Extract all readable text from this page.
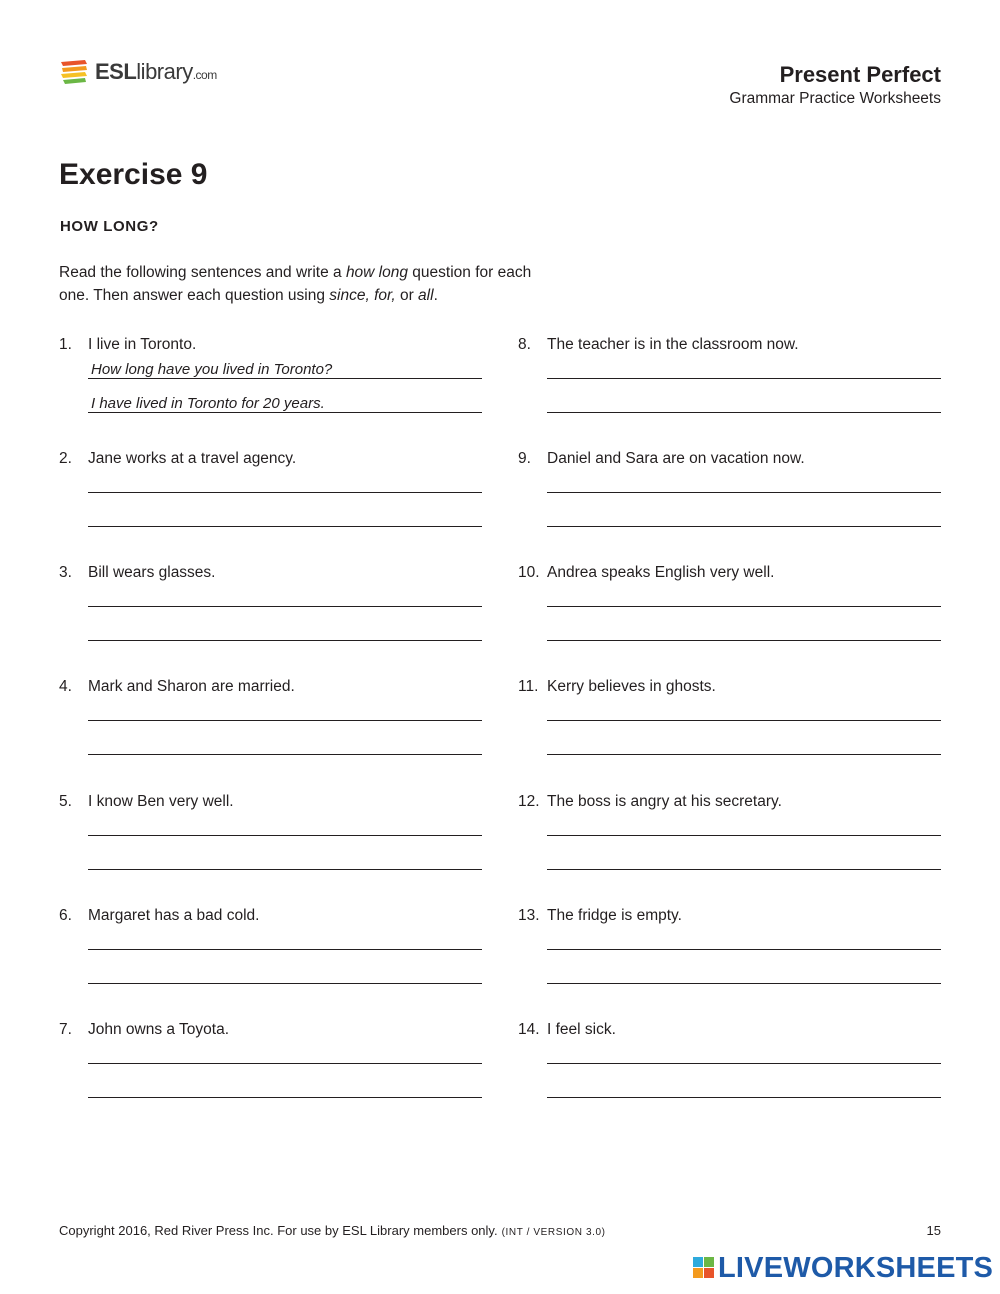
ESLlibrary.com	Present Perfect
Grammar Practice Worksheets
Exercise 9
HOW LONG?
Read the following sentences and write a how long question for each one. Then answer each question using since, for, or all.
1. I live in Toronto.
How long have you lived in Toronto?
I have lived in Toronto for 20 years.
2. Jane works at a travel agency.
3. Bill wears glasses.
4. Mark and Sharon are married.
5. I know Ben very well.
6. Margaret has a bad cold.
7. John owns a Toyota.
8. The teacher is in the classroom now.
9. Daniel and Sara are on vacation now.
10. Andrea speaks English very well.
11. Kerry believes in ghosts.
12. The boss is angry at his secretary.
13. The fridge is empty.
14. I feel sick.
Copyright 2016, Red River Press Inc. For use by ESL Library members only. (INT / VERSION 3.0)	15
LIVEWORKSHEETS
